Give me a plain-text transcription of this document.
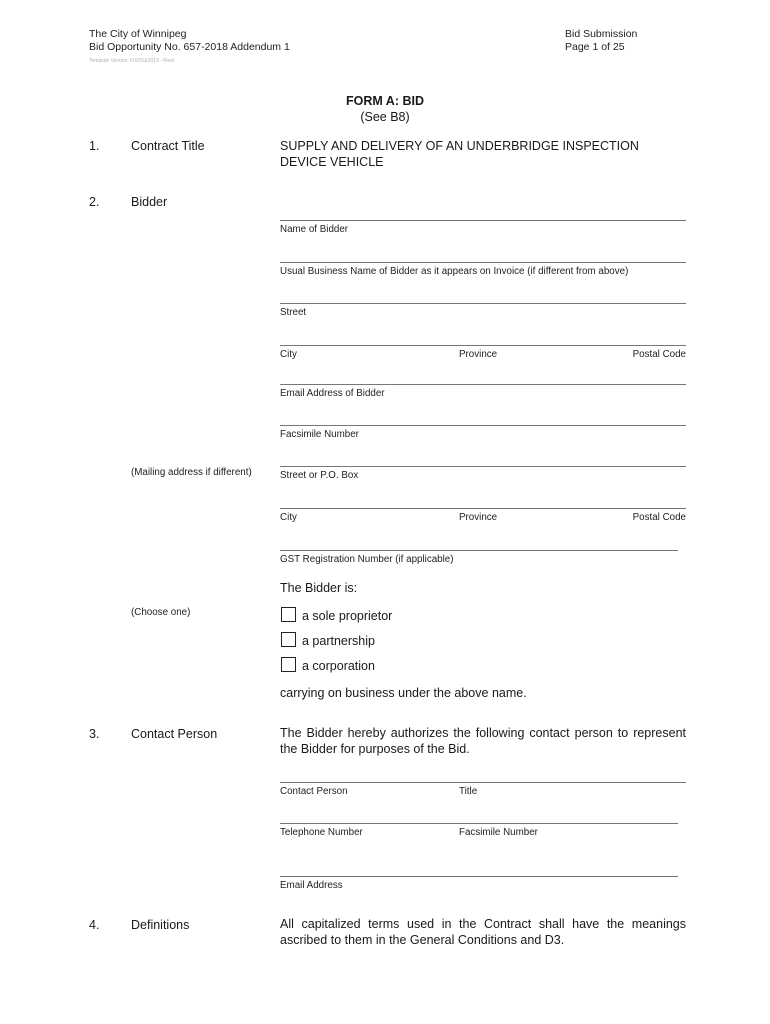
The City of Winnipeg
Bid Opportunity No. 657-2018 Addendum 1
Template Version: F0201&2013 - Fleet
Bid Submission
Page 1 of 25
FORM A: BID
(See B8)
1.	Contract Title	SUPPLY AND DELIVERY OF AN UNDERBRIDGE INSPECTION
DEVICE VEHICLE
2.	Bidder
Name of Bidder
Usual Business Name of Bidder as it appears on Invoice (if different from above)
Street
City	Province	Postal Code
Email Address of Bidder
Facsimile Number
(Mailing address if different)	Street or P.O. Box
City	Province	Postal Code
GST Registration Number (if applicable)
The Bidder is:
(Choose one)	a sole proprietor
a partnership
a corporation
carrying on business under the above name.
3.	Contact Person	The Bidder hereby authorizes the following contact person to represent the Bidder for purposes of the Bid.
Contact Person	Title
Telephone Number	Facsimile Number
Email Address
4.	Definitions	All capitalized terms used in the Contract shall have the meanings ascribed to them in the General Conditions and D3.
